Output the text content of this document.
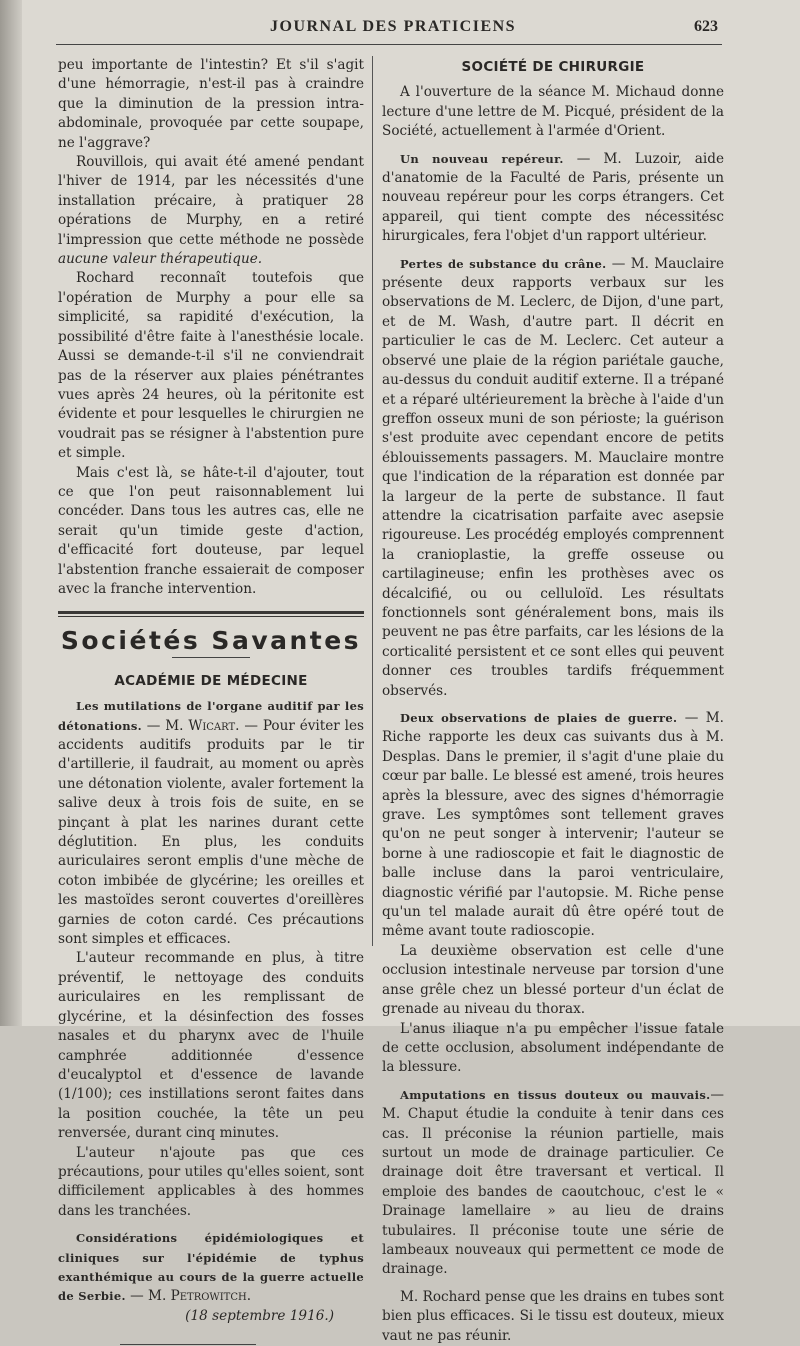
JOURNAL DES PRATICIENS	623

peu importante de l'intestin? Et s'il s'agit d'une hémorragie, n'est-il pas à craindre que la diminution de la pression intra-abdominale, provoquée par cette soupape, ne l'aggrave?

Rouvillois, qui avait été amené pendant l'hiver de 1914, par les nécessités d'une installation précaire, à pratiquer 28 opérations de Murphy, en a retiré l'impression que cette méthode ne possède aucune valeur thérapeutique.

Rochard reconnaît toutefois que l'opération de Murphy a pour elle sa simplicité, sa rapidité d'exécution, la possibilité d'être faite à l'anesthésie locale. Aussi se demande-t-il s'il ne conviendrait pas de la réserver aux plaies pénétrantes vues après 24 heures, où la péritonite est évidente et pour lesquelles le chirurgien ne voudrait pas se résigner à l'abstention pure et simple.

Mais c'est là, se hâte-t-il d'ajouter, tout ce que l'on peut raisonnablement lui concéder. Dans tous les autres cas, elle ne serait qu'un timide geste d'action, d'efficacité fort douteuse, par lequel l'abstention franche essaierait de composer avec la franche intervention.

Sociétés Savantes
ACADÉMIE DE MÉDECINE

Les mutilations de l'organe auditif par les détonations. — M. Wicart. — Pour éviter les accidents auditifs produits par le tir d'artillerie, il faudrait, au moment ou après une détonation violente, avaler fortement la salive deux à trois fois de suite, en se pinçant à plat les narines durant cette déglutition. En plus, les conduits auriculaires seront emplis d'une mèche de coton imbibée de glycérine; les oreilles et les mastoïdes seront couvertes d'oreillères garnies de coton cardé. Ces précautions sont simples et efficaces.

L'auteur recommande en plus, à titre préventif, le nettoyage des conduits auriculaires en les remplissant de glycérine, et la désinfection des fosses nasales et du pharynx avec de l'huile camphrée additionnée d'essence d'eucalyptol et d'essence de lavande (1/100); ces instillations seront faites dans la position couchée, la tête un peu renversée, durant cinq minutes.

L'auteur n'ajoute pas que ces précautions, pour utiles qu'elles soient, sont difficilement applicables à des hommes dans les tranchées.

Considérations épidémiologiques et cliniques sur l'épidémie de typhus exanthémique au cours de la guerre actuelle de Serbie. — M. Petrowitch.

(18 septembre 1916.)
SOCIÉTÉ DE CHIRURGIE

A l'ouverture de la séance M. Michaud donne lecture d'une lettre de M. Picqué, président de la Société, actuellement à l'armée d'Orient.

Un nouveau repéreur. — M. Luzoir, aide d'anatomie de la Faculté de Paris, présente un nouveau repéreur pour les corps étrangers. Cet appareil, qui tient compte des nécessitésc hirurgicales, fera l'objet d'un rapport ultérieur.

Pertes de substance du crâne. — M. Mauclaire présente deux rapports verbaux sur les observations de M. Leclerc, de Dijon, d'une part, et de M. Wash, d'autre part. Il décrit en particulier le cas de M. Leclerc. Cet auteur a observé une plaie de la région pariétale gauche, au-dessus du conduit auditif externe. Il a trépané et a réparé ultérieurement la brèche à l'aide d'un greffon osseux muni de son périoste; la guérison s'est produite avec cependant encore de petits éblouissements passagers. M. Mauclaire montre que l'indication de la réparation est donnée par la largeur de la perte de substance. Il faut attendre la cicatrisation parfaite avec asepsie rigoureuse. Les procédég employés comprennent la cranioplastie, la greffe osseuse ou cartilagineuse; enfin les prothèses avec os décalcifié, ou ou celluloïd. Les résultats fonctionnels sont généralement bons, mais ils peuvent ne pas être parfaits, car les lésions de la corticalité persistent et ce sont elles qui peuvent donner ces troubles tardifs fréquemment observés.

Deux observations de plaies de guerre. — M. Riche rapporte les deux cas suivants dus à M. Desplas. Dans le premier, il s'agit d'une plaie du cœur par balle. Le blessé est amené, trois heures après la blessure, avec des signes d'hémorragie grave. Les symptômes sont tellement graves qu'on ne peut songer à intervenir; l'auteur se borne à une radioscopie et fait le diagnostic de balle incluse dans la paroi ventriculaire, diagnostic vérifié par l'autopsie. M. Riche pense qu'un tel malade aurait dû être opéré tout de même avant toute radioscopie.

La deuxième observation est celle d'une occlusion intestinale nerveuse par torsion d'une anse grêle chez un blessé porteur d'un éclat de grenade au niveau du thorax.

L'anus iliaque n'a pu empêcher l'issue fatale de cette occlusion, absolument indépendante de la blessure.

Amputations en tissus douteux ou mauvais.— M. Chaput étudie la conduite à tenir dans ces cas. Il préconise la réunion partielle, mais surtout un mode de drainage particulier. Ce drainage doit être traversant et vertical. Il emploie des bandes de caoutchouc, c'est le « Drainage lamellaire » au lieu de drains tubulaires. Il préconise toute une série de lambeaux nouveaux qui permettent ce mode de drainage.

M. Rochard pense que les drains en tubes sont bien plus efficaces. Si le tissu est douteux, mieux vaut ne pas réunir.
